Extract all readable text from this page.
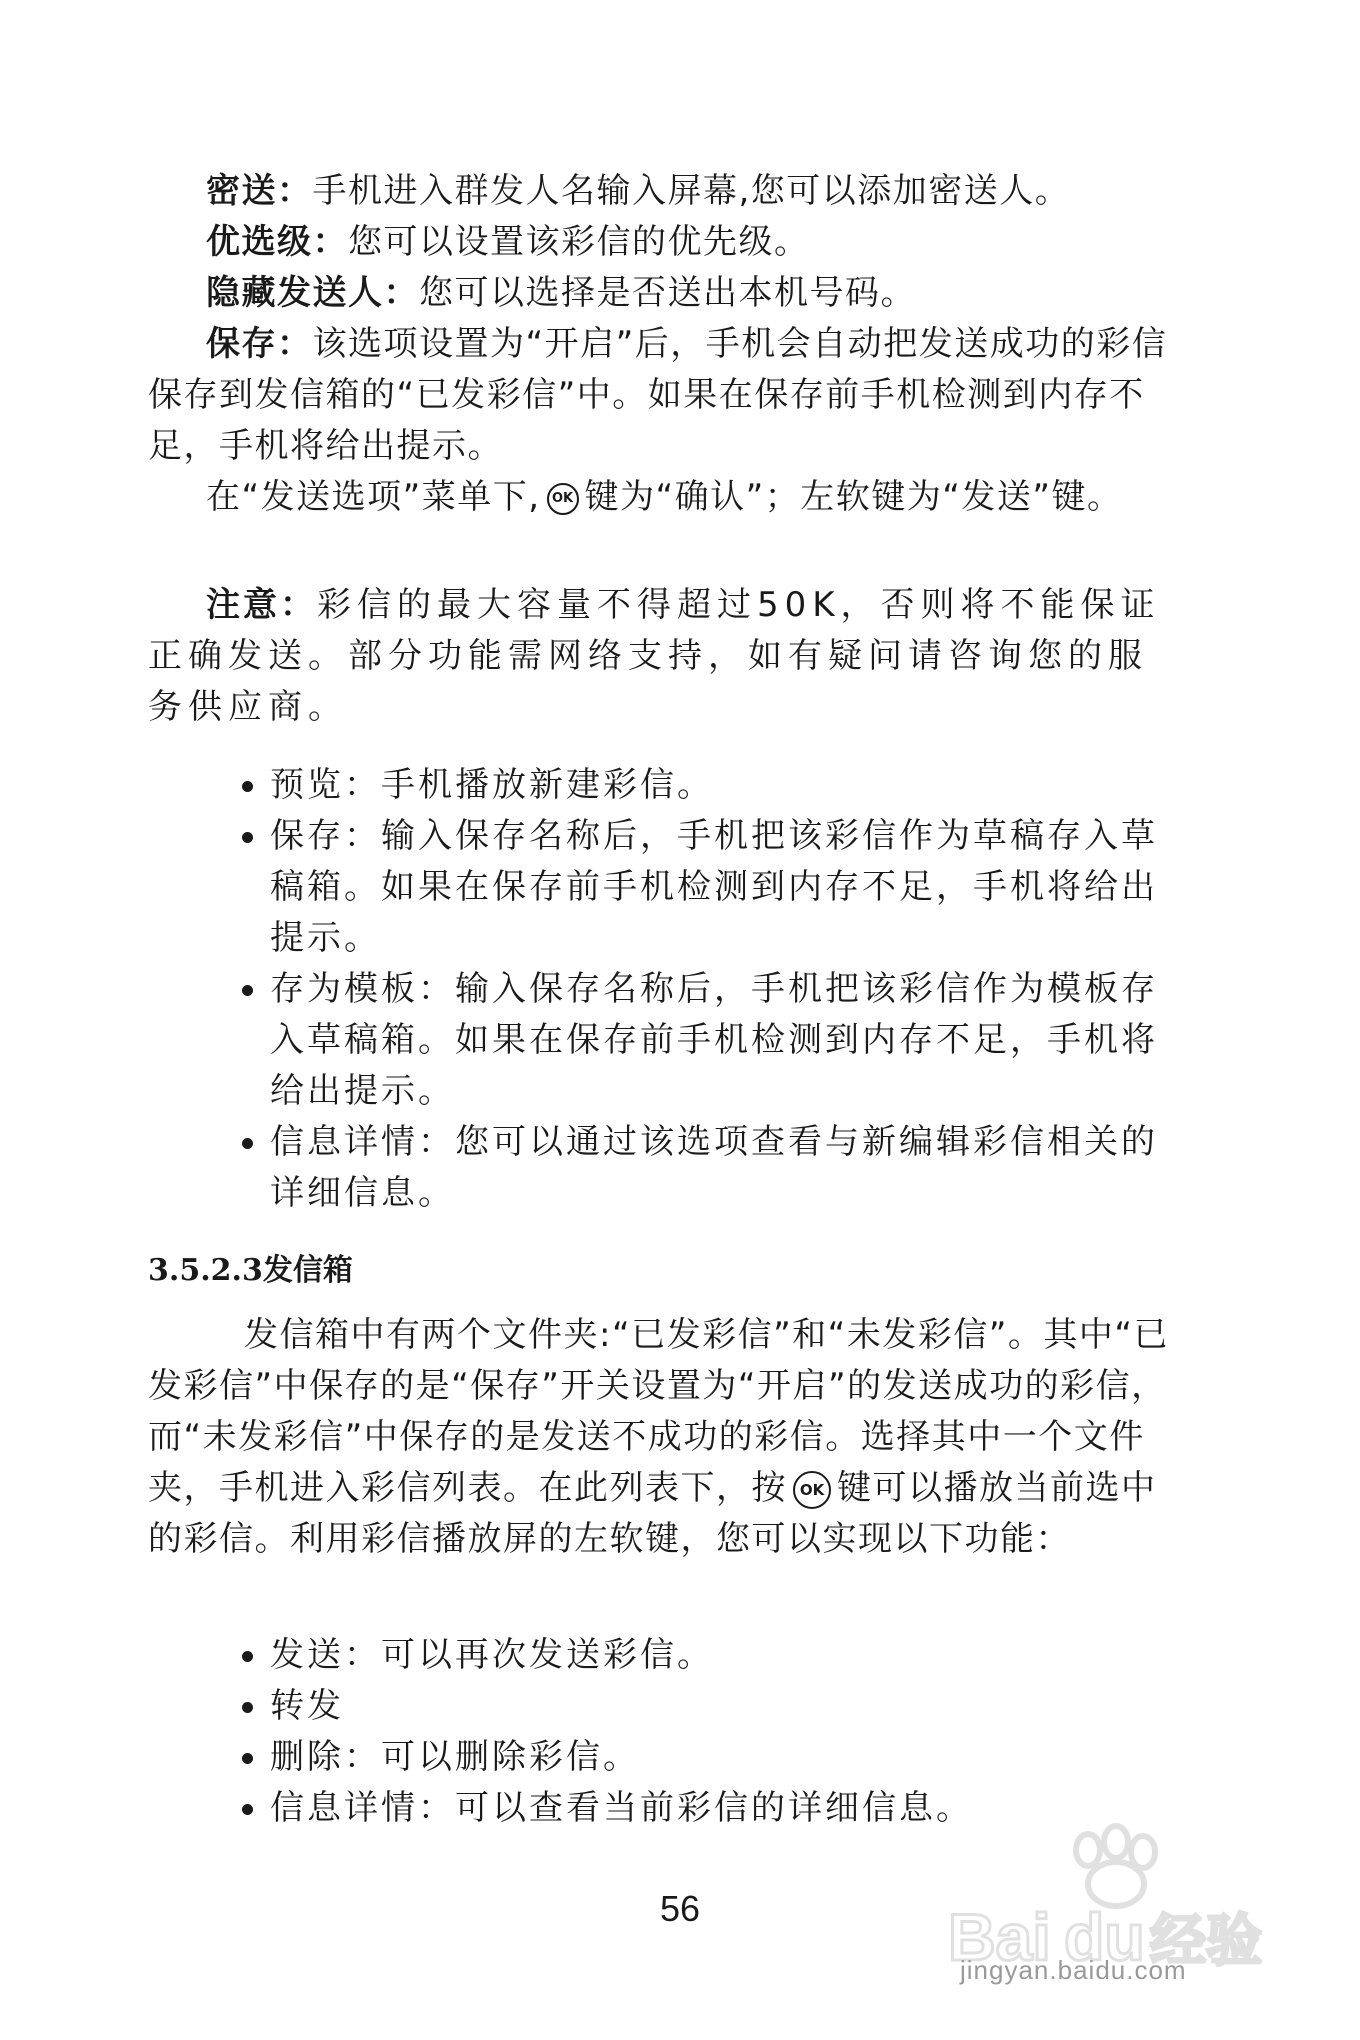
密送：手机进入群发人名输入屏幕,您可以添加密送人。

优选级：您可以设置该彩信的优先级。

隐藏发送人：您可以选择是否送出本机号码。

保存：该选项设置为“开启”后，手机会自动把发送成功的彩信保存到发信箱的“已发彩信”中。如果在保存前手机检测到内存不足，手机将给出提示。

在“发送选项”菜单下, OK 键为“确认”；左软键为“发送”键。

注意：彩信的最大容量不得超过50K，否则将不能保证正确发送。部分功能需网络支持，如有疑问请咨询您的服务供应商。

预览：手机播放新建彩信。
保存：输入保存名称后，手机把该彩信作为草稿存入草稿箱。如果在保存前手机检测到内存不足，手机将给出提示。
存为模板：输入保存名称后，手机把该彩信作为模板存入草稿箱。如果在保存前手机检测到内存不足，手机将给出提示。
信息详情：您可以通过该选项查看与新编辑彩信相关的详细信息。
3.5.2.3发信箱

发信箱中有两个文件夹:“已发彩信”和“未发彩信”。其中“已发彩信”中保存的是“保存”开关设置为“开启”的发送成功的彩信，而“未发彩信”中保存的是发送不成功的彩信。选择其中一个文件夹，手机进入彩信列表。在此列表下，按 OK 键可以播放当前选中的彩信。利用彩信播放屏的左软键，您可以实现以下功能：

发送：可以再次发送彩信。
转发
删除：可以删除彩信。
信息详情：可以查看当前彩信的详细信息。
56	Bai du 经验
jingyan.baidu.com
